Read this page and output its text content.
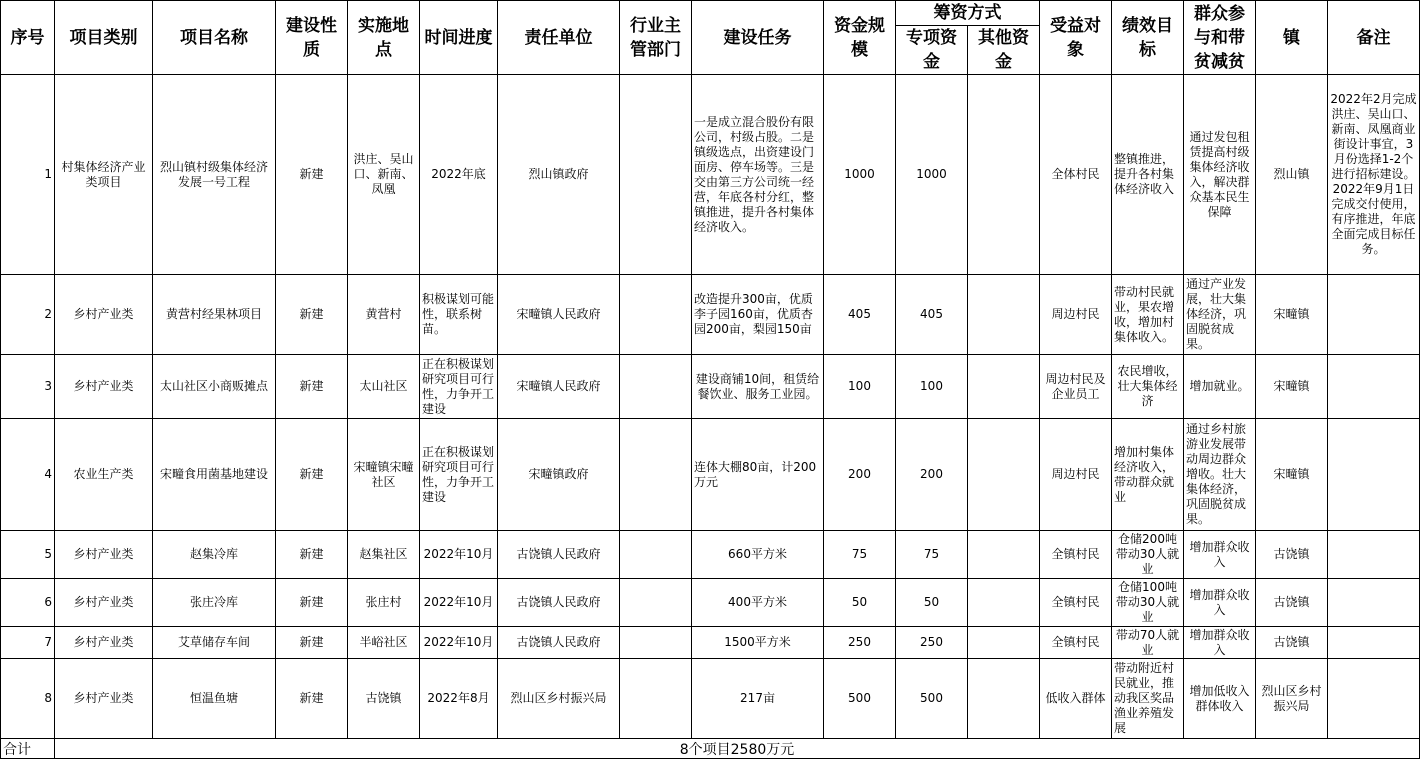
序号	项目类别	项目名称	建设性质	实施地点	时间进度	责任单位	行业主管部门	建设任务	资金规模	筹资方式		受益对象	绩效目标	群众参与和带贫减贫	镇	备注
										专项资金	其他资金					
1	村集体经济产业类项目	烈山镇村级集体经济发展一号工程	新建	洪庄、吴山口、新南、凤凰	2022年底	烈山镇政府		一是成立混合股份有限公司，村级占股。二是镇级选点，出资建设门面房、停车场等。三是交由第三方公司统一经营，年底各村分红，整镇推进，提升各村集体经济收入。	1000	1000		全体村民	整镇推进，提升各村集体经济收入	通过发包租赁提高村级集体经济收入，解决群众基本民生保障	烈山镇	2022年2月完成洪庄、吴山口、新南、凤凰商业街设计事宜，3月份选择1-2个进行招标建设。2022年9月1日完成交付使用，有序推进，年底全面完成目标任务。
2	乡村产业类	黄营村经果林项目	新建	黄营村	积极谋划可能性，联系树苗。	宋疃镇人民政府		改造提升300亩，优质李子园160亩，优质杏园200亩，梨园150亩	405	405		周边村民	带动村民就业，果农增收，增加村集体收入。	通过产业发展，壮大集体经济，巩固脱贫成果。	宋疃镇	
3	乡村产业类	太山社区小商贩摊点	新建	太山社区	正在积极谋划研究项目可行性，力争开工建设	宋疃镇人民政府		建设商铺10间，租赁给餐饮业、服务工业园。	100	100		周边村民及企业员工	农民增收，壮大集体经济	增加就业。	宋疃镇	
4	农业生产类	宋疃食用菌基地建设	新建	宋疃镇宋疃社区	正在积极谋划研究项目可行性，力争开工建设	宋疃镇政府		连体大棚80亩，计200万元	200	200		周边村民	增加村集体经济收入，带动群众就业	通过乡村旅游业发展带动周边群众增收。壮大集体经济，巩固脱贫成果。	宋疃镇	
5	乡村产业类	赵集冷库	新建	赵集社区	2022年10月	古饶镇人民政府		660平方米	75	75		全镇村民	仓储200吨带动30人就业	增加群众收入	古饶镇	
6	乡村产业类	张庄冷库	新建	张庄村	2022年10月	古饶镇人民政府		400平方米	50	50		全镇村民	仓储100吨带动30人就业	增加群众收入	古饶镇	
7	乡村产业类	艾草储存车间	新建	半峪社区	2022年10月	古饶镇人民政府		1500平方米	250	250		全镇村民	带动70人就业	增加群众收入	古饶镇	
8	乡村产业类	恒温鱼塘	新建	古饶镇	2022年8月	烈山区乡村振兴局		217亩	500	500		低收入群体	带动附近村民就业，推动我区奖品渔业养殖发展	增加低收入群体收入	烈山区乡村振兴局	
合计	8个项目2580万元															
